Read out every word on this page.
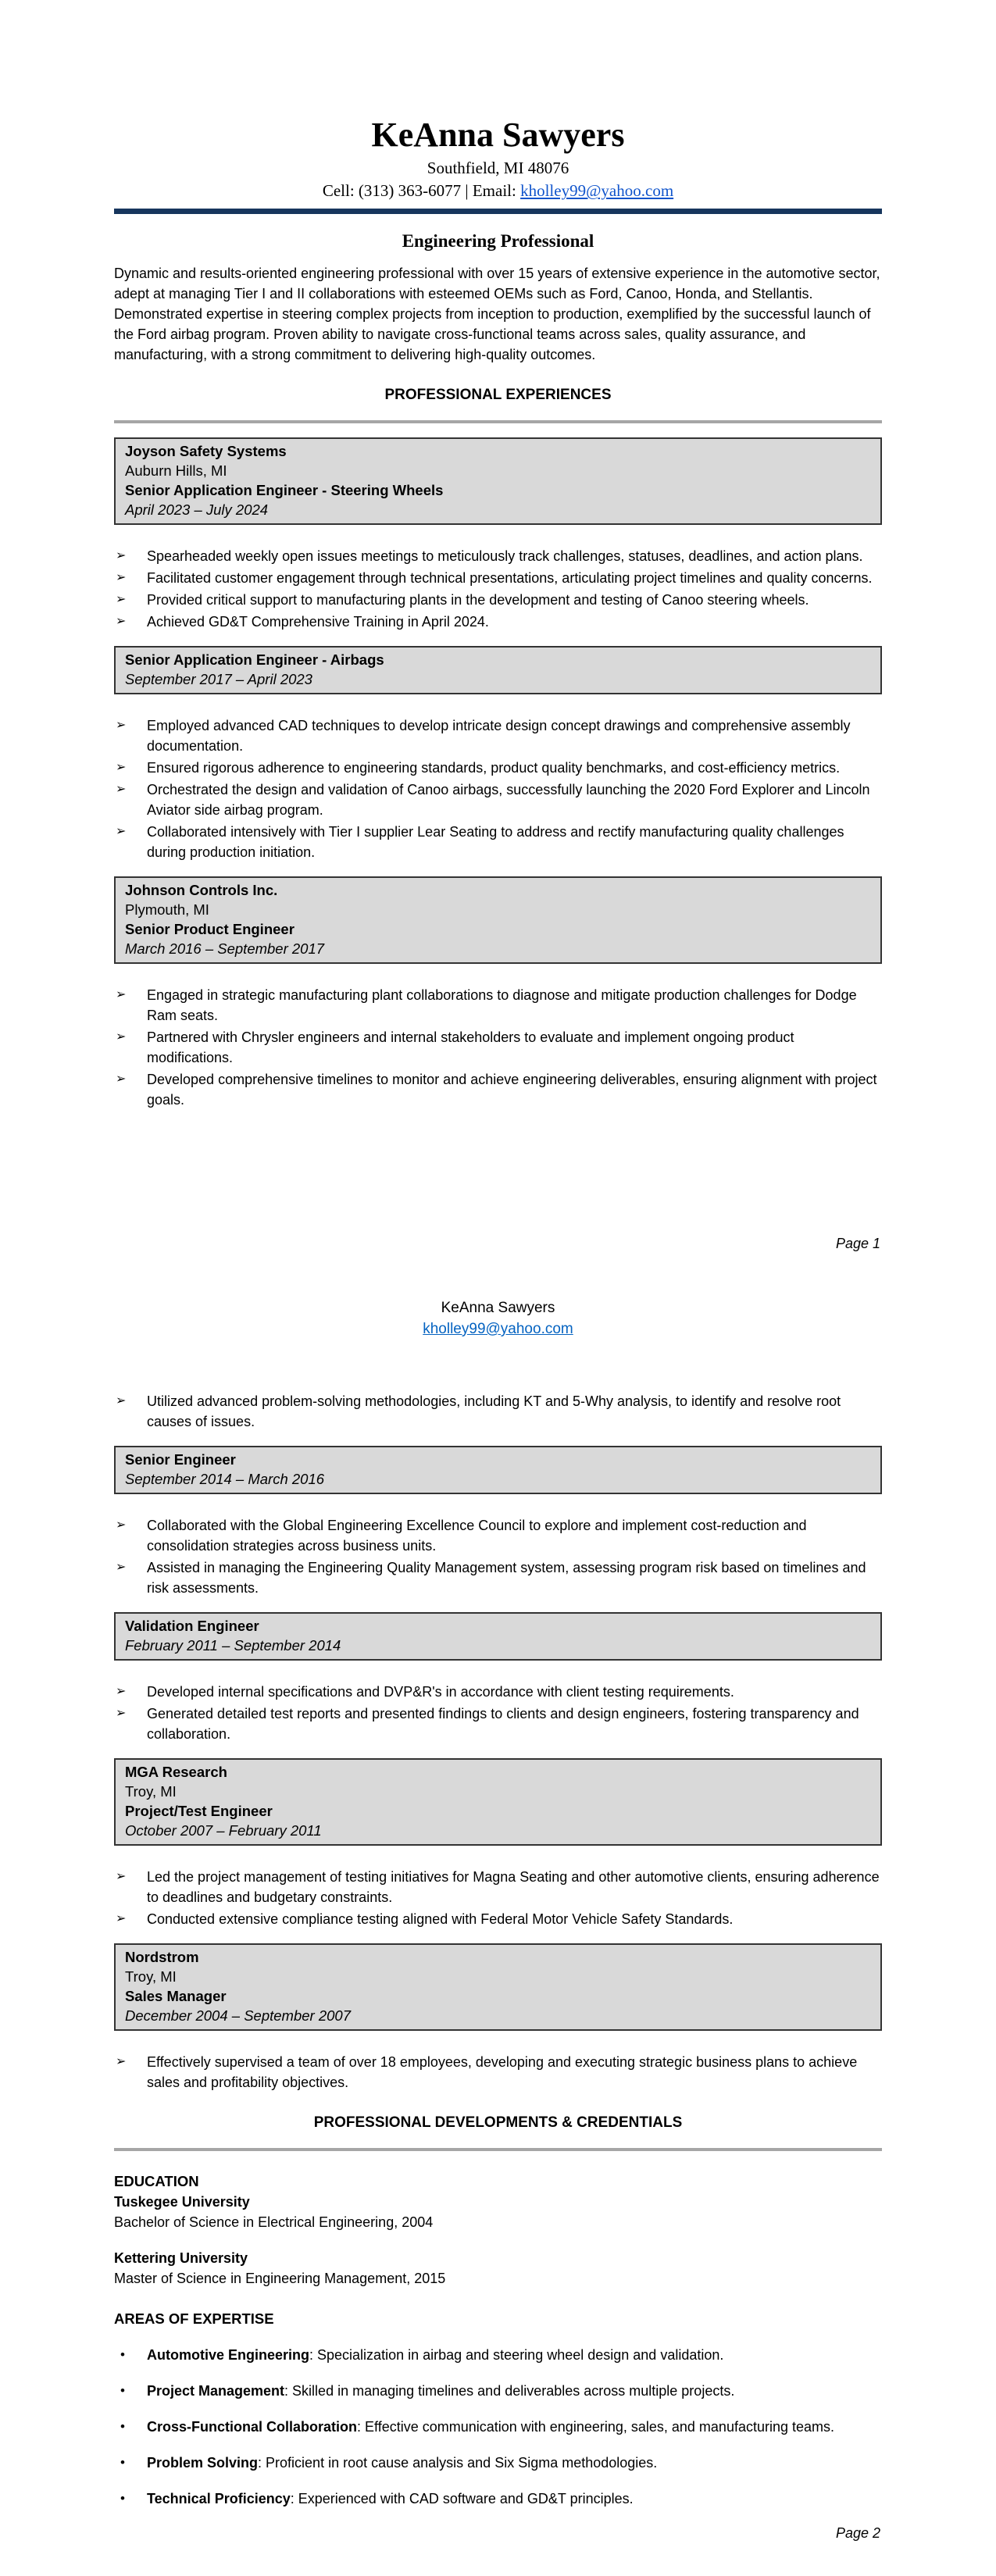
KeAnna Sawyers
Southfield, MI 48076
Cell: (313) 363-6077 | Email: kholley99@yahoo.com
Engineering Professional
Dynamic and results-oriented engineering professional with over 15 years of extensive experience in the automotive sector, adept at managing Tier I and II collaborations with esteemed OEMs such as Ford, Canoo, Honda, and Stellantis. Demonstrated expertise in steering complex projects from inception to production, exemplified by the successful launch of the Ford airbag program. Proven ability to navigate cross-functional teams across sales, quality assurance, and manufacturing, with a strong commitment to delivering high-quality outcomes.
PROFESSIONAL EXPERIENCES
Joyson Safety Systems
Auburn Hills, MI
Senior Application Engineer - Steering Wheels
April 2023 – July 2024
➢	Spearheaded weekly open issues meetings to meticulously track challenges, statuses, deadlines, and action plans.
➢	Facilitated customer engagement through technical presentations, articulating project timelines and quality concerns.
➢	Provided critical support to manufacturing plants in the development and testing of Canoo steering wheels.
➢	Achieved GD&T Comprehensive Training in April 2024.
Senior Application Engineer - Airbags
September 2017 – April 2023
➢	Employed advanced CAD techniques to develop intricate design concept drawings and comprehensive assembly documentation.
➢	Ensured rigorous adherence to engineering standards, product quality benchmarks, and cost-efficiency metrics.
➢	Orchestrated the design and validation of Canoo airbags, successfully launching the 2020 Ford Explorer and Lincoln Aviator side airbag program.
➢	Collaborated intensively with Tier I supplier Lear Seating to address and rectify manufacturing quality challenges during production initiation.
Johnson Controls Inc.
Plymouth, MI
Senior Product Engineer
March 2016 – September 2017
➢	Engaged in strategic manufacturing plant collaborations to diagnose and mitigate production challenges for Dodge Ram seats.
➢	Partnered with Chrysler engineers and internal stakeholders to evaluate and implement ongoing product modifications.
➢	Developed comprehensive timelines to monitor and achieve engineering deliverables, ensuring alignment with project goals.
Page 1
KeAnna Sawyers
kholley99@yahoo.com
➢	Utilized advanced problem-solving methodologies, including KT and 5-Why analysis, to identify and resolve root causes of issues.
Senior Engineer
September 2014 – March 2016
➢	Collaborated with the Global Engineering Excellence Council to explore and implement cost-reduction and consolidation strategies across business units.
➢	Assisted in managing the Engineering Quality Management system, assessing program risk based on timelines and risk assessments.
Validation Engineer
February 2011 – September 2014
➢	Developed internal specifications and DVP&R's in accordance with client testing requirements.
➢	Generated detailed test reports and presented findings to clients and design engineers, fostering transparency and collaboration.
MGA Research
Troy, MI
Project/Test Engineer
October 2007 – February 2011
➢	Led the project management of testing initiatives for Magna Seating and other automotive clients, ensuring adherence to deadlines and budgetary constraints.
➢	Conducted extensive compliance testing aligned with Federal Motor Vehicle Safety Standards.
Nordstrom
Troy, MI
Sales Manager
December 2004 – September 2007
➢	Effectively supervised a team of over 18 employees, developing and executing strategic business plans to achieve sales and profitability objectives.
PROFESSIONAL DEVELOPMENTS & CREDENTIALS
EDUCATION
Tuskegee University
Bachelor of Science in Electrical Engineering, 2004
Kettering University
Master of Science in Engineering Management, 2015
AREAS OF EXPERTISE
•	Automotive Engineering: Specialization in airbag and steering wheel design and validation.
•	Project Management: Skilled in managing timelines and deliverables across multiple projects.
•	Cross-Functional Collaboration: Effective communication with engineering, sales, and manufacturing teams.
•	Problem Solving: Proficient in root cause analysis and Six Sigma methodologies.
•	Technical Proficiency: Experienced with CAD software and GD&T principles.
Page 2
